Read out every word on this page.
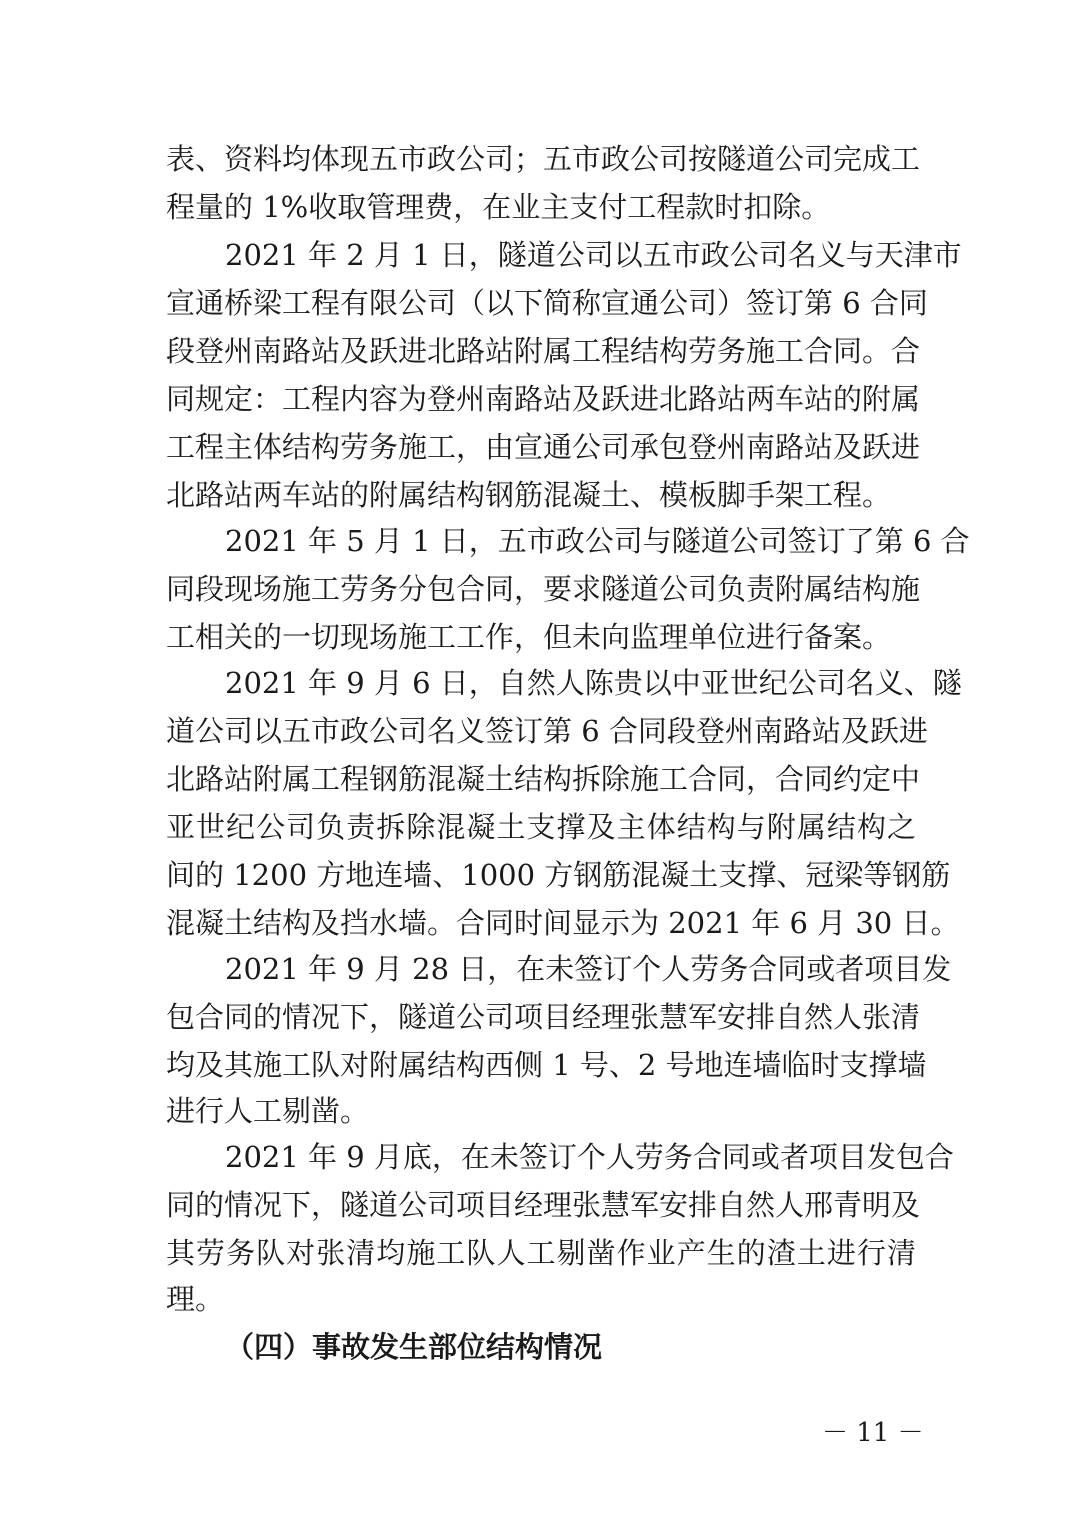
表、资料均体现五市政公司；五市政公司按隧道公司完成工
程量的 1%收取管理费，在业主支付工程款时扣除。
2021 年 2 月 1 日，隧道公司以五市政公司名义与天津市
宣通桥梁工程有限公司（以下简称宣通公司）签订第 6 合同
段登州南路站及跃进北路站附属工程结构劳务施工合同。合
同规定：工程内容为登州南路站及跃进北路站两车站的附属
工程主体结构劳务施工，由宣通公司承包登州南路站及跃进
北路站两车站的附属结构钢筋混凝土、模板脚手架工程。
2021 年 5 月 1 日，五市政公司与隧道公司签订了第 6 合
同段现场施工劳务分包合同，要求隧道公司负责附属结构施
工相关的一切现场施工工作，但未向监理单位进行备案。
2021 年 9 月 6 日，自然人陈贵以中亚世纪公司名义、隧
道公司以五市政公司名义签订第 6 合同段登州南路站及跃进
北路站附属工程钢筋混凝土结构拆除施工合同，合同约定中
亚世纪公司负责拆除混凝土支撑及主体结构与附属结构之
间的 1200 方地连墙、1000 方钢筋混凝土支撑、冠梁等钢筋
混凝土结构及挡水墙。合同时间显示为 2021 年 6 月 30 日。
2021 年 9 月 28 日，在未签订个人劳务合同或者项目发
包合同的情况下，隧道公司项目经理张慧军安排自然人张清
均及其施工队对附属结构西侧 1 号、2 号地连墙临时支撑墙
进行人工剔凿。
2021 年 9 月底，在未签订个人劳务合同或者项目发包合
同的情况下，隧道公司项目经理张慧军安排自然人邢青明及
其劳务队对张清均施工队人工剔凿作业产生的渣土进行清
理。
（四）事故发生部位结构情况
－ 11 －
